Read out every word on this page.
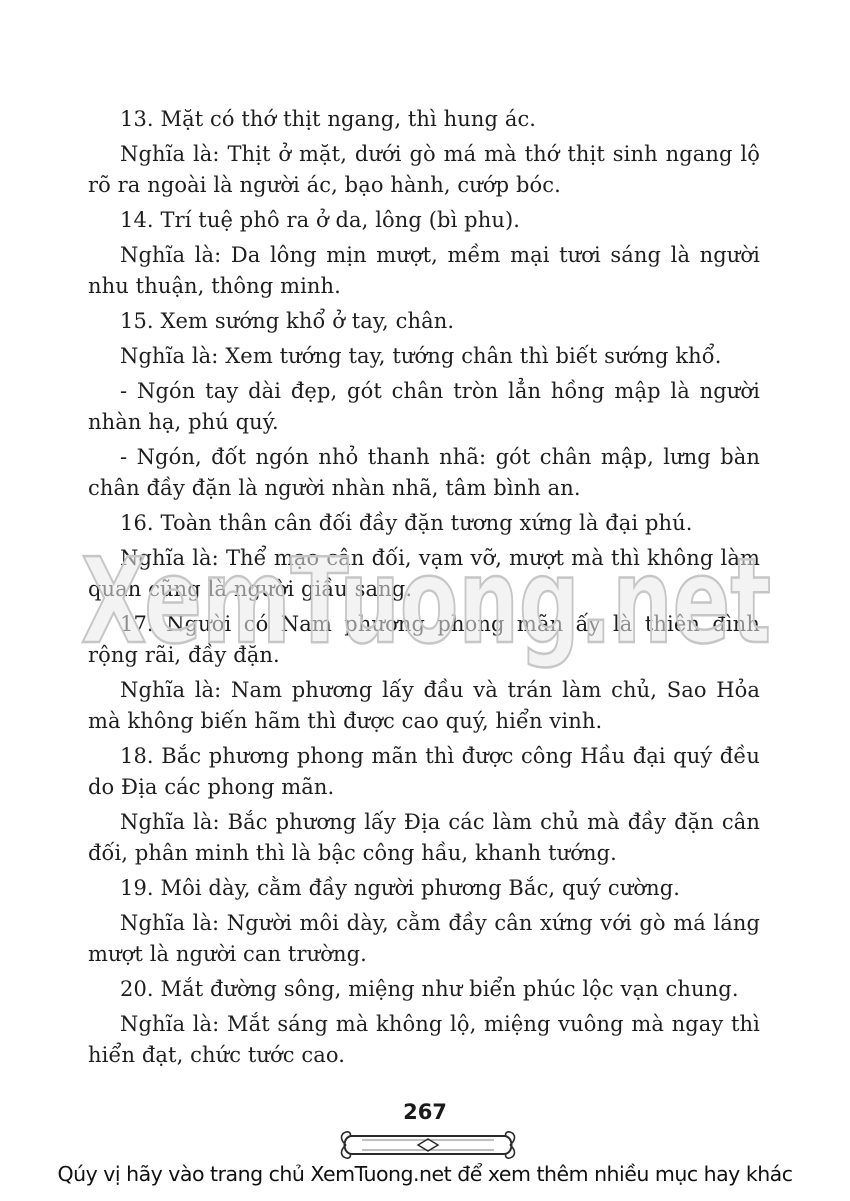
13. Mặt có thớ thịt ngang, thì hung ác.

Nghĩa là: Thịt ở mặt, dưới gò má mà thớ thịt sinh ngang lộ rõ ra ngoài là người ác, bạo hành, cướp bóc.

14. Trí tuệ phô ra ở da, lông (bì phu).

Nghĩa là: Da lông mịn mượt, mềm mại tươi sáng là người nhu thuận, thông minh.

15. Xem sướng khổ ở tay, chân.

Nghĩa là: Xem tướng tay, tướng chân thì biết sướng khổ.

- Ngón tay dài đẹp, gót chân tròn lẳn hồng mập là người nhàn hạ, phú quý.

- Ngón, đốt ngón nhỏ thanh nhã: gót chân mập, lưng bàn chân đầy đặn là người nhàn nhã, tâm bình an.

16. Toàn thân cân đối đầy đặn tương xứng là đại phú.

Nghĩa là: Thể mạo cân đối, vạm vỡ, mượt mà thì không làm quan cũng là người giầu sang.

17. Người có Nam phương phong mãn ấy là thiên đình rộng rãi, đầy đặn.

Nghĩa là: Nam phương lấy đầu và trán làm chủ, Sao Hỏa mà không biến hãm thì được cao quý, hiển vinh.

18. Bắc phương phong mãn thì được công Hầu đại quý đều do Địa các phong mãn.

Nghĩa là: Bắc phương lấy Địa các làm chủ mà đầy đặn cân đối, phân minh thì là bậc công hầu, khanh tướng.

19. Môi dày, cằm đầy người phương Bắc, quý cường.

Nghĩa là: Người môi dày, cằm đầy cân xứng với gò má láng mượt là người can trường.

20. Mắt đường sông, miệng như biển phúc lộc vạn chung.

Nghĩa là: Mắt sáng mà không lộ, miệng vuông mà ngay thì hiển đạt, chức tước cao.

XemTuong.net
267
Qúy vị hãy vào trang chủ XemTuong.net để xem thêm nhiều mục hay khác
